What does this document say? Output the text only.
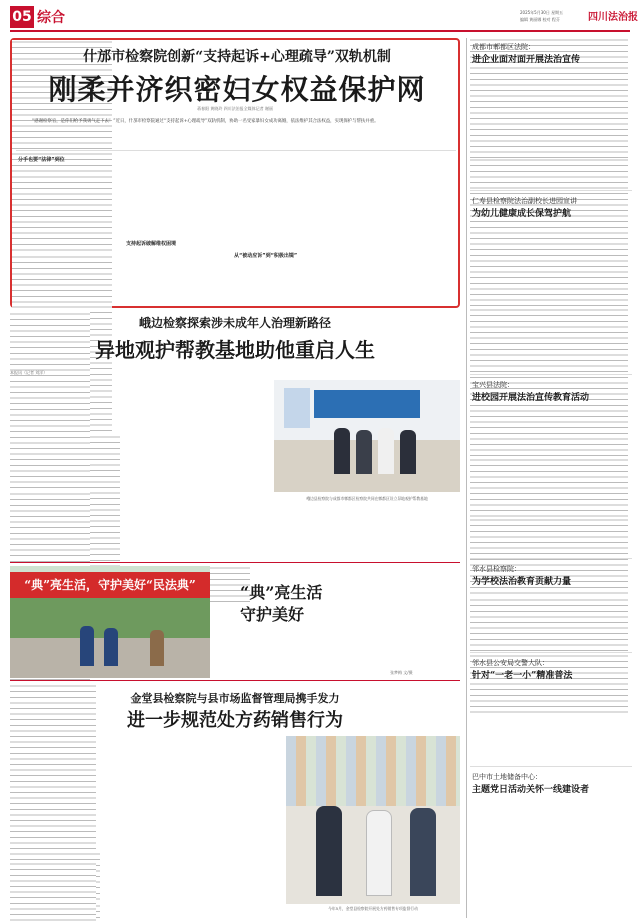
05 综合	2025年5月30日 星期五
编辑 黄丽娜 校对 程芬	四川法治报
什邡市检察院创新“支持起诉+心理疏导”双轨机制
刚柔并济织密妇女权益保护网
蒋春阳 黄晓玲 四川法治报全媒体记者 谢丽
“感谢检察官，是你们给予我勇气走下去！”近日，什邡市检察院通过“支持起诉+心理疏导”双轨机制，协助一名受家暴妇女成功离婚，依法维护其合法权益，实现保护与帮扶并重。
分手也要“法律”到位
支持起诉破解维权困境
从“被动应诉”到“积极出镜”
峨边检察探索涉未成年人治理新路径
异地观护帮教基地助他重启人生
本报讯（记者 刘洋）
峨边县检察院与成都市郫都区检察院共同在郫都区设立异地观护帮教基地
“典”亮生活，守护美好“民法典”	“典”亮生活
守护美好
张梦梅 文/摄
金堂县检察院与县市场监督管理局携手发力
进一步规范处方药销售行为
今年5月，金堂县检察院开展处方药销售专项监督行动
成都市郫都区法院：
进企业面对面开展法治宣传
仁寿县检察院法治副校长进园宣讲
为幼儿健康成长保驾护航
宝兴县法院：
进校园开展法治宣传教育活动
邻水县检察院：
为学校法治教育贡献力量
邻水县公安局交警大队：
针对“一老一小”精准普法
巴中市土地储备中心：
主题党日活动关怀一线建设者
